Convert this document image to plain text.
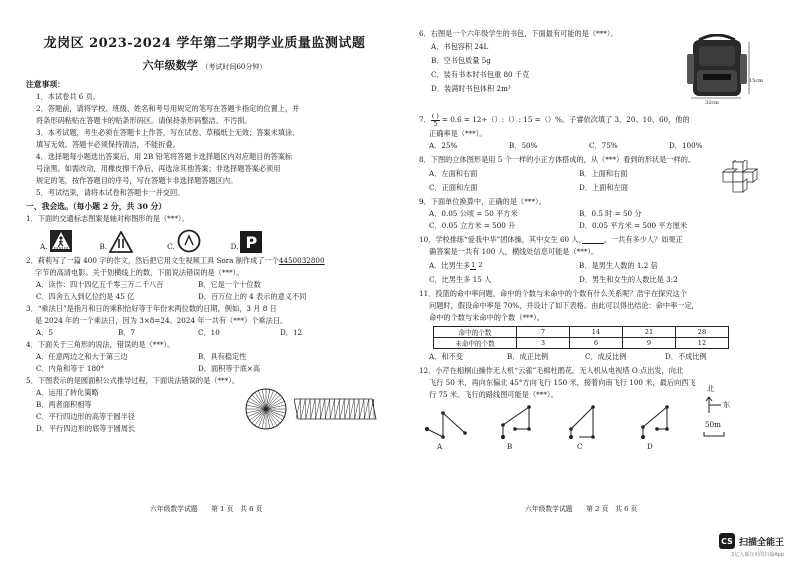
龙岗区 2023-2024 学年第二学期学业质量监测试题
六年级数学 （考试时间60分钟）
注意事项：
1．本试卷共 6 页。
2．答题前，请将学校、班级、姓名和考号用规定的笔写在答题卡指定的位置上，并
将条形码粘贴在答题卡的贴条形码区。请保持条形码整洁、不汚损。
3．本考试题，考生必须在答题卡上作答，写在试卷、草稿纸上无效；答案未填涂、
填写无效。答题卡必须保持清洁，不能折叠。
4．选择题每小题选出答案后，用 2B 铅笔将答题卡选择题区内对应题目的答案标
号涂黑。如需改动，用橡皮擦干净后，再选涂其他答案；非选择题答案必须用
规定的笔，按作答题目的序号，写在答题卡非选择题答题区内。
5．考试结束，请将本试卷和答题卡一并交回。
一、我会选。（每小题 2 分，共 30 分）
1．下面的交通标志图案是轴对称图形的是（***）。
A.	B.	C.	D. P
2．莉莉写了一篇 400 字的作文，然后把它用文生视频工具 Sora 制作成了一个4450032800
字节的高清电影。关于划横线上的数，下面说法错误的是（***）。
A．读作：四十四亿五千零三万二千八百	B．它是一个十位数
C．四舍五入到亿位约是 45 亿	D．百万位上的 4 表示的意义不同
3．“乘法日”是指月和日的乘积恰好等于年份末两位数的日期，例如，3 月 8 日
是 2024 年的一个乘法日，因为 3×8=24。2024 年一共有（***）个乘法日。
A．5	B．7	C．10	D．12
4．下面关于三角形的说法，错误的是（***）。
A．任意两边之和大于第三边	B．具有稳定性
C．内角和等于 180°	D．面积等于底×高
5．下图表示的是圆面积公式推导过程，下面说法错误的是（***）。
A．运用了转化策略
B．两者面积相等
C．平行四边形的高等于圆半径
D．平行四边形的底等于圆周长
六年级数学试题　　第 1 页　共 6 页
6．右图是一个六年级学生的书包，下面最有可能的是（***）。
A．书包容积 24L
B．空书包质量 5g
C．装有书本时书包重 80 千克
D．装满时书包体积 2m³
32cm
15cm
7． $\frac{( )}{5} = 0.6$ = 12÷（）:（）: 15 =（）%。子睿依次填了 3、20、10、60，他的
正确率是（***）。
A．25%	B．50%	C．75%	D．100%
8．下图的立体图形是用 5 个一样的小正方体搭成的，从（***）看到的形状是一样的。
A．左面和右面	B．上面和右面
C．正面和左面	D．上面和左面
9．下面单位换算中，正确的是（***）。
A．0.05 公顷 = 50 平方米	B．0.5 时 = 50 分
C．0.05 立方米 = 500 升	D．0.05 平方米 = 500 平方厘米
10．学校排练“爱我中华”团体操，其中女生 60 人，　　　	。一共有多少人？如果正
确答案是一共有 100 人，横线处信息可能是（***）。
A．比男生多 1 2	B．是男生人数的 1.2 倍
C．比男生多 15 人	D．男生和女生的人数比是 3:2
11．投篮的命中率问题，命中的个数与未命中的个数有什么关系呢？浩宇在探究这个
问题时，假设命中率是 70%，并设计了如下表格。由此可以得出结论：命中率一定，
命中的个数与未命中的个数（***）。
命中的个数	7	14	21	28
未命中的个数	3	6	9	12
A．和不变	B．成正比例	C．成反比例	D．不成比例
12．小芹在相桐山操作无人机“云雀”毛棉杜鹃花。无人机从电视塔 O 点出发，向北
飞行 50 米，再向东偏北 45°方向飞行 150 米，接着向南飞行 100 米，最后向西飞
行 75 米。飞行的路线图可能是（***）。
A	B	C	D
北
东
50m
六年级数学试题　　第 2 页　共 6 页
CS 扫描全能王
3亿人都在用的扫描App
